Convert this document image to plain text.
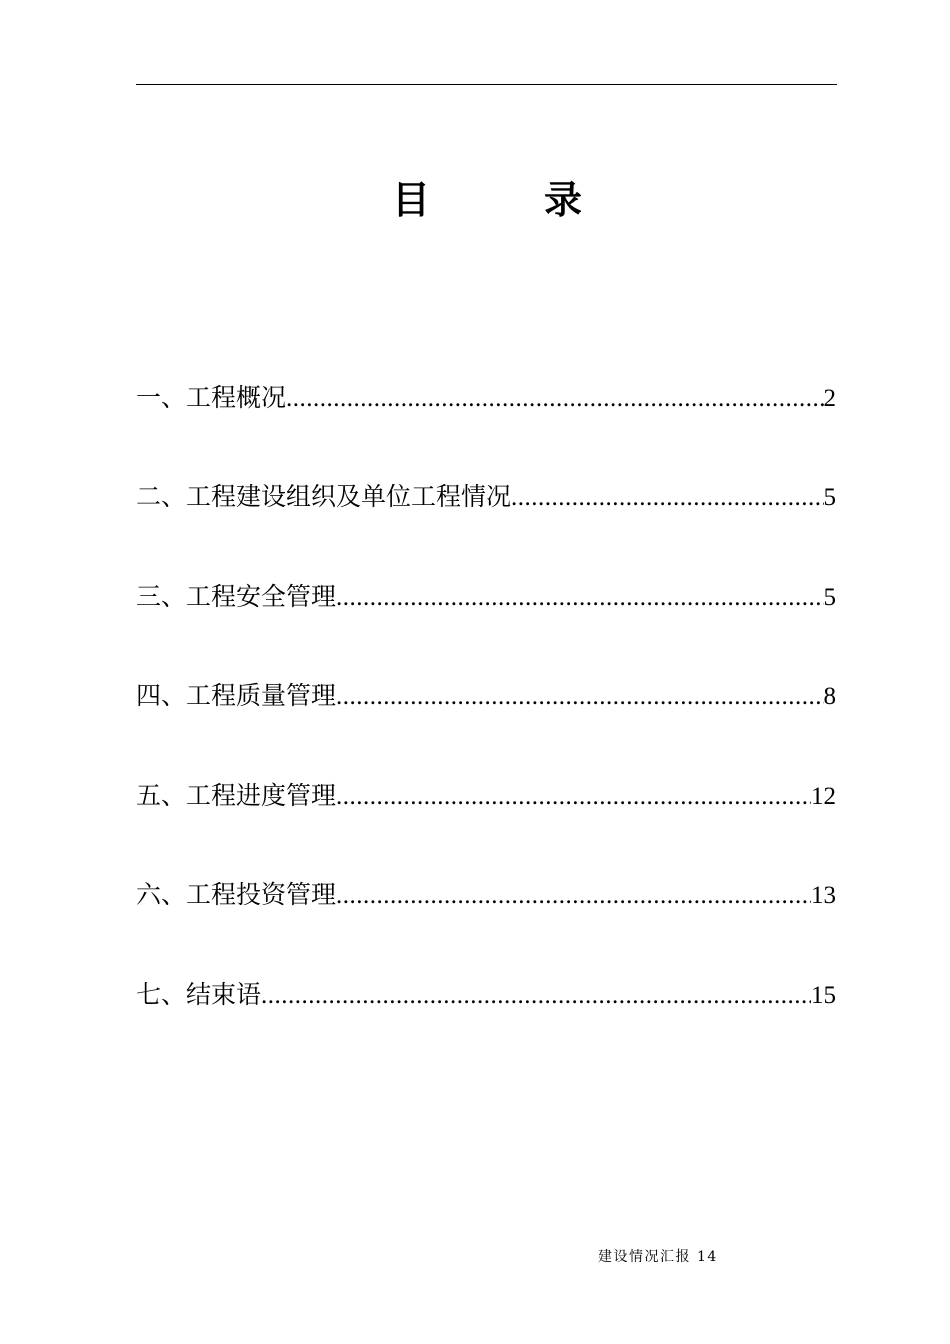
目	录
一、工程概况 .....	2
二、工程建设组织及单位工程情况 .....	5
三、工程安全管理 .....	5
四、工程质量管理 .....	8
五、工程进度管理 .....	12
六、工程投资管理 .....	13
七、结束语 .....	15
建设情况汇报 14
